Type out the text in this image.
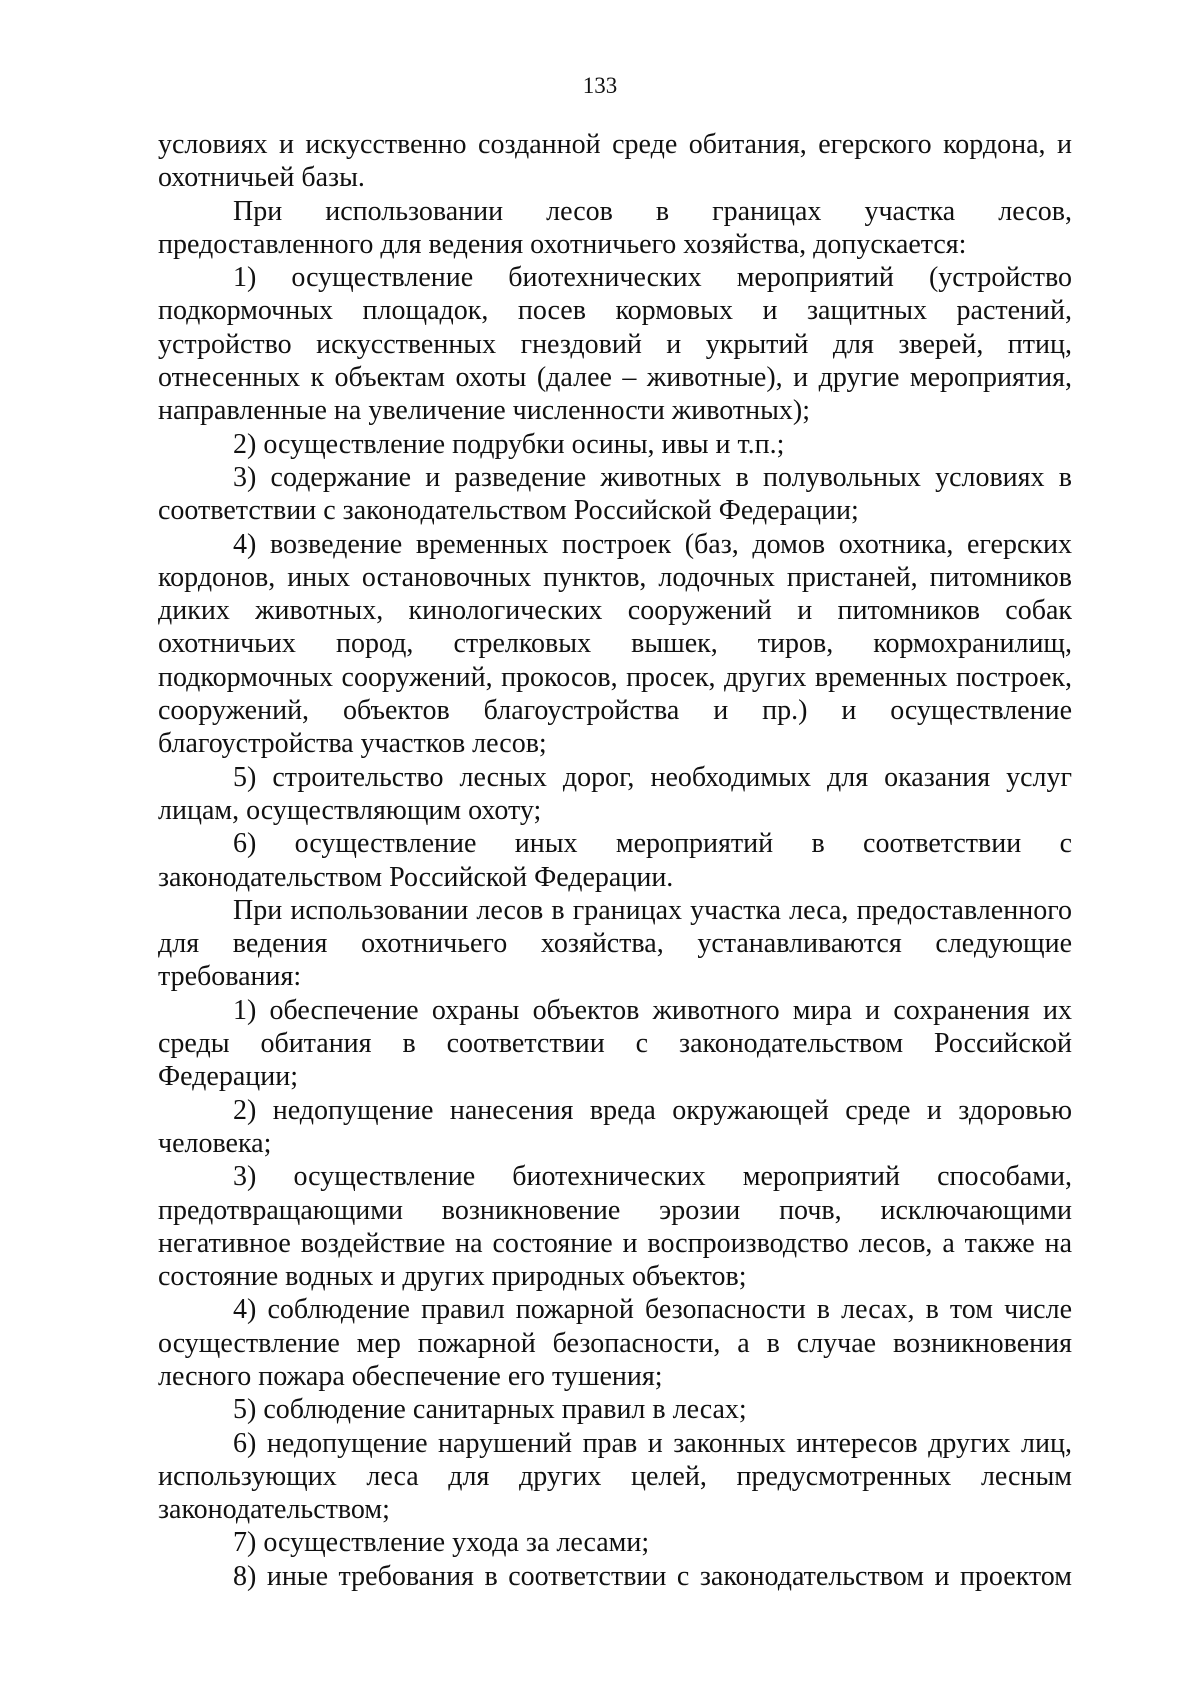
133

условиях и искусственно созданной среде обитания, егерского кордона, и охотничьей базы.

При использовании лесов в границах участка лесов, предоставленного для ведения охотничьего хозяйства, допускается:

1) осуществление биотехнических мероприятий (устройство подкормочных площадок, посев кормовых и защитных растений, устройство искусственных гнездовий и укрытий для зверей, птиц, отнесенных к объектам охоты (далее – животные), и другие мероприятия, направленные на увеличение численности животных);

2) осуществление подрубки осины, ивы и т.п.;

3) содержание и разведение животных в полувольных условиях в соответствии с законодательством Российской Федерации;

4) возведение временных построек (баз, домов охотника, егерских кордонов, иных остановочных пунктов, лодочных пристаней, питомников диких животных, кинологических сооружений и питомников собак охотничьих пород, стрелковых вышек, тиров, кормохранилищ, подкормочных сооружений, прокосов, просек, других временных построек, сооружений, объектов благоустройства и пр.) и осуществление благоустройства участков лесов;

5) строительство лесных дорог, необходимых для оказания услуг лицам, осуществляющим охоту;

6) осуществление иных мероприятий в соответствии с законодательством Российской Федерации.

При использовании лесов в границах участка леса, предоставленного для ведения охотничьего хозяйства, устанавливаются следующие требования:

1) обеспечение охраны объектов животного мира и сохранения их среды обитания в соответствии с законодательством Российской Федерации;

2) недопущение нанесения вреда окружающей среде и здоровью человека;

3) осуществление биотехнических мероприятий способами, предотвращающими возникновение эрозии почв, исключающими негативное воздействие на состояние и воспроизводство лесов, а также на состояние водных и других природных объектов;

4) соблюдение правил пожарной безопасности в лесах, в том числе осуществление мер пожарной безопасности, а в случае возникновения лесного пожара обеспечение его тушения;

5) соблюдение санитарных правил в лесах;

6) недопущение нарушений прав и законных интересов других лиц, использующих леса для других целей, предусмотренных лесным законодательством;

7) осуществление ухода за лесами;

8) иные требования в соответствии с законодательством и проектом
